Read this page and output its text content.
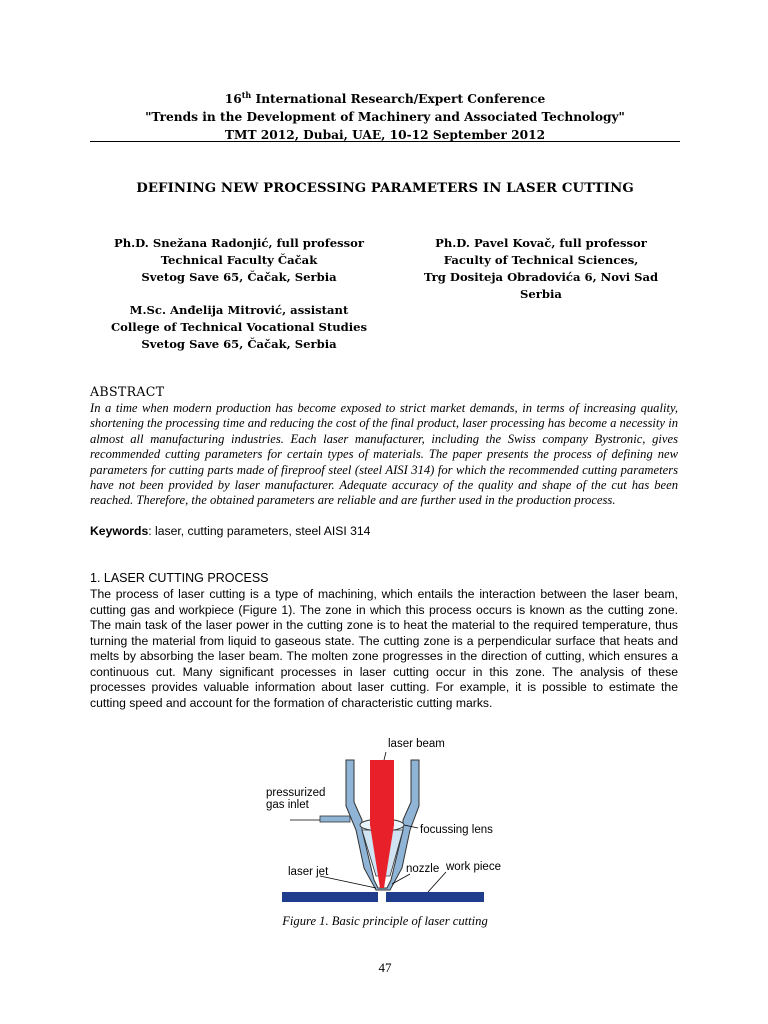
16th International Research/Expert Conference
"Trends in the Development of Machinery and Associated Technology"
TMT 2012, Dubai, UAE, 10-12 September 2012
DEFINING NEW PROCESSING PARAMETERS IN LASER CUTTING
Ph.D. Snežana Radonjić, full professor
Technical Faculty Čačak
Svetog Save 65, Čačak, Serbia
Ph.D. Pavel Kovač, full professor
Faculty of Technical Sciences,
Trg Dositeja Obradovića 6, Novi Sad
Serbia
M.Sc. Anđelija Mitrović, assistant
College of Technical Vocational Studies
Svetog Save 65, Čačak, Serbia
ABSTRACT
In a time when modern production has become exposed to strict market demands, in terms of increasing quality, shortening the processing time and reducing the cost of the final product, laser processing has become a necessity in almost all manufacturing industries. Each laser manufacturer, including the Swiss company Bystronic, gives recommended cutting parameters for certain types of materials. The paper presents the process of defining new parameters for cutting parts made of fireproof steel (steel AISI 314) for which the recommended cutting parameters have not been provided by laser manufacturer. Adequate accuracy of the quality and shape of the cut has been reached. Therefore, the obtained parameters are reliable and are further used in the production process.
Keywords: laser, cutting parameters, steel AISI 314
1. LASER CUTTING PROCESS
The process of laser cutting is a type of machining, which entails the interaction between the laser beam, cutting gas and workpiece (Figure 1). The zone in which this process occurs is known as the cutting zone. The main task of the laser power in the cutting zone is to heat the material to the required temperature, thus turning the material from liquid to gaseous state. The cutting zone is a perpendicular surface that heats and melts by absorbing the laser beam. The molten zone progresses in the direction of cutting, which ensures a continuous cut. Many significant processes in laser cutting occur in this zone. The analysis of these processes provides valuable information about laser cutting. For example, it is possible to estimate the cutting speed and account for the formation of characteristic cutting marks.
laser beam
pressurized
gas inlet
focussing lens
laser jet	nozzle work piece
Figure 1. Basic principle of laser cutting
47
